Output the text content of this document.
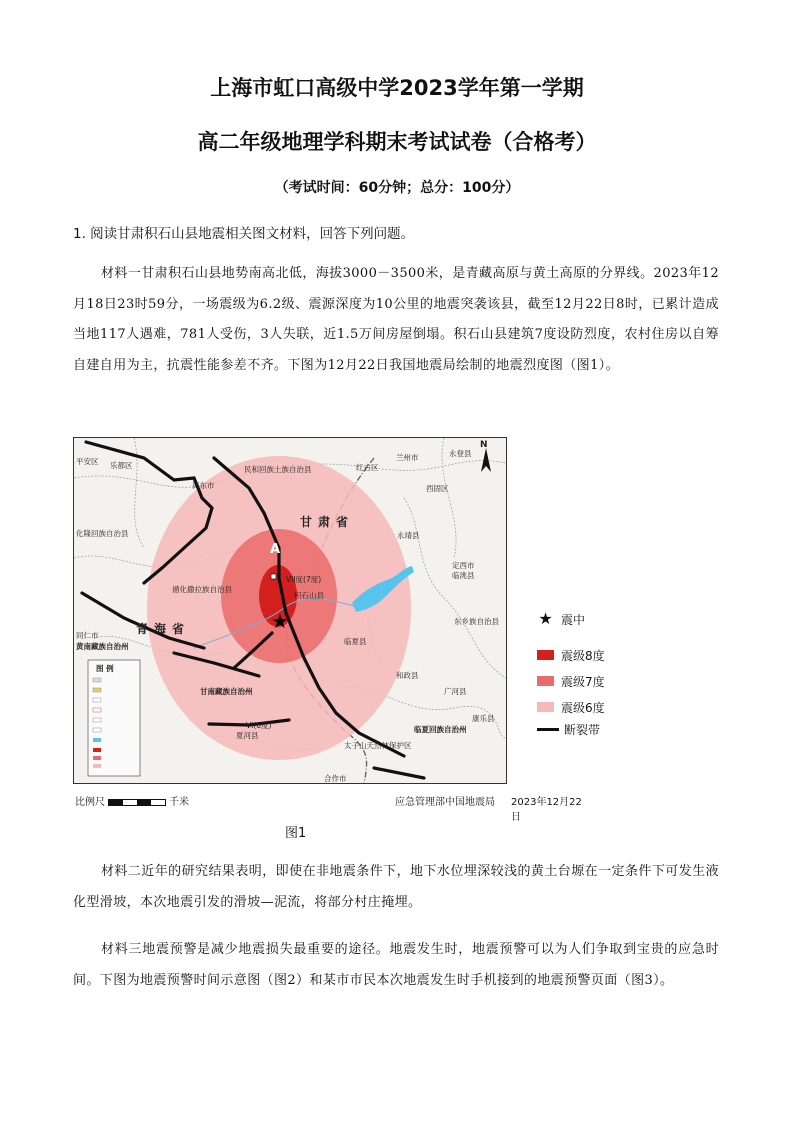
上海市虹口高级中学2023学年第一学期
高二年级地理学科期末考试试卷（合格考）
（考试时间：60分钟；总分：100分）
1. 阅读甘肃积石山县地震相关图文材料，回答下列问题。
材料一甘肃积石山县地势南高北低，海拔3000－3500米，是青藏高原与黄土高原的分界线。2023年12月18日23时59分，一场震级为6.2级、震源深度为10公里的地震突袭该县，截至12月22日8时，已累计造成当地117人遇难，781人受伤，3人失联，近1.5万间房屋倒塌。积石山县建筑7度设防烈度，农村住房以自筹自建自用为主，抗震性能参差不齐。下图为12月22日我国地震局绘制的地震烈度图（图1）。
★
平安区 乐都区
海东市
民和回族土族自治县	红古区
兰州市	永登县
西固区
永靖县
定西市
临洮县
化隆回族自治县
循化撒拉族自治县
积石山县
同仁市
黄南藏族自治州
东乡族自治县
临夏县
广河县
和政县
甘南藏族自治州
夏河县
临夏回族自治州
康乐县
太子山天然林保护区
合作市
VII度(7度)
VI(6度)
图 例
N
A
甘肃省
青海省
比例尺	千米	应急管理部中国地震局 2023年12月22日
★ 震中
震级8度
震级7度
震级6度
断裂带
图1
材料二近年的研究结果表明，即使在非地震条件下，地下水位埋深较浅的黄土台塬在一定条件下可发生液化型滑坡，本次地震引发的滑坡—泥流，将部分村庄掩埋。
材料三地震预警是减少地震损失最重要的途径。地震发生时，地震预警可以为人们争取到宝贵的应急时间。下图为地震预警时间示意图（图2）和某市市民本次地震发生时手机接到的地震预警页面（图3）。
